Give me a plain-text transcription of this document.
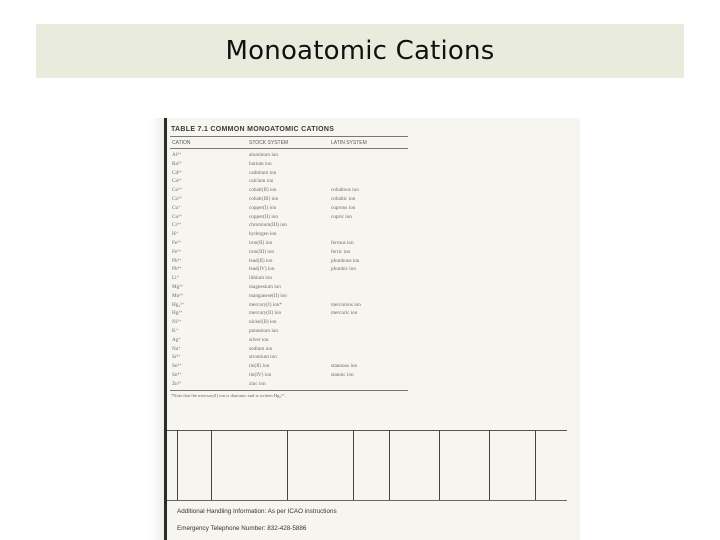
Monoatomic Cations
TABLE 7.1 COMMON MONOATOMIC CATIONS
CATION	STOCK SYSTEM	LATIN SYSTEM
Al³⁺	aluminum ion
Ba²⁺	barium ion
Cd²⁺	cadmium ion
Ca²⁺	calcium ion
Co²⁺	cobalt(II) ion	cobaltous ion
Co³⁺	cobalt(III) ion	cobaltic ion
Cu⁺	copper(I) ion	cuprous ion
Cu²⁺	copper(II) ion	cupric ion
Cr³⁺	chromium(III) ion
H⁺	hydrogen ion
Fe²⁺	iron(II) ion	ferrous ion
Fe³⁺	iron(III) ion	ferric ion
Pb²⁺	lead(II) ion	plumbous ion
Pb⁴⁺	lead(IV) ion	plumbic ion
Li⁺	lithium ion
Mg²⁺	magnesium ion
Mn²⁺	manganese(II) ion
Hg₂²⁺	mercury(I) ion*	mercurous ion
Hg²⁺	mercury(II) ion	mercuric ion
Ni²⁺	nickel(II) ion
K⁺	potassium ion
Ag⁺	silver ion
Na⁺	sodium ion
Sr²⁺	strontium ion
Sn²⁺	tin(II) ion	stannous ion
Sn⁴⁺	tin(IV) ion	stannic ion
Zn²⁺	zinc ion
*Note that the mercury(I) ion is diatomic and is written Hg₂²⁺.
Additional Handling Information: As per ICAO instructions
Emergency Telephone Number: 832-428-5886
